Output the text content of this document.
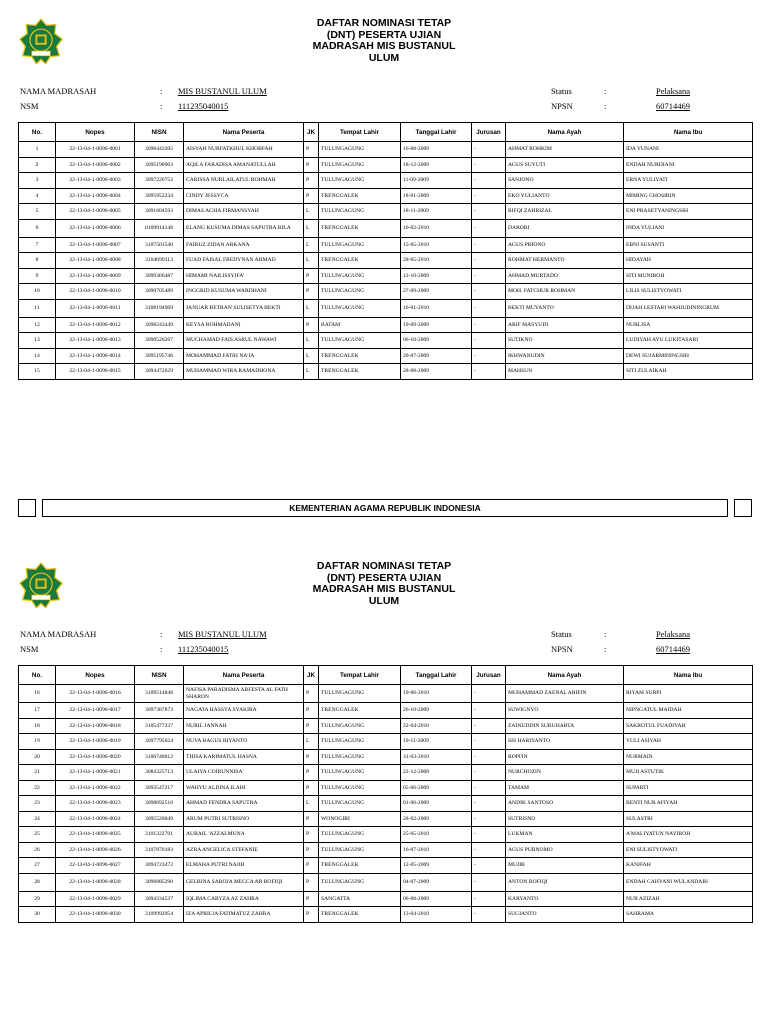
DAFTAR NOMINASI TETAP
(DNT) PESERTA UJIAN
MADRASAH MIS BUSTANUL
ULUM
NAMA MADRASAH	: MIS BUSTANUL ULUM
NSM	: 111235040015
Status	:	Pelaksana
NPSN	:	60714469
No.	Nopes	NISN	Nama Peserta	JK	Tempat Lahir	Tanggal Lahir	Jurusan	Nama Ayah	Nama Ibu
1	22-13-04-1-0096-0001	3098443205	AISYAH NURFATKHUL KHOBFAH	P	TULUNGAGUNG	16-08-2009	-	AHMAT ROHKIM	IDA YUNANI
2	22-13-04-1-0096-0002	3095190903	AQILA FARADISA AMANATULLAH	P	TULUNGAGUNG	18-12-2009	-	AGUS SUYUTI	ENDAH NURDIANI
3	22-13-04-1-0096-0003	3097226752	CARISSA NURLAILATUL ROHMAH	P	TULUNGAGUNG	11-09-2009	-	SANJONO	ERNA YULIYATI
4	22-13-04-1-0096-0004	3095953234	CINDY JESSYCA	P	TRENGGALEK	18-01-2009	-	EKO YULIANTO	MIMING CHOSIRIN
5	22-13-04-1-0096-0005	3091604593	DIMAS AGHA FIRMANSYAH	L	TULUNGAGUNG	18-11-2009	-	RIFQI ZAHRIZAL	ENI PRASETYANINGSIH
6	22-13-04-1-0096-0006	0109914148	ELANG KUSUMA DIMAS SAPUTRA BILA	L	TRENGGALEK	10-02-2010	-	DAROBI	INDA YULIANI
7	22-13-04-1-0096-0007	3107501540	FAIRUZ ZIDAN ARKANA	L	TULUNGAGUNG	15-05-2010	-	AGUS PRIONO	EBNI SUSANTI
8	22-13-04-1-0096-0008	3104699113	FUAD FAISAL FREDYNAN AHMAD	L	TRENGGALEK	28-05-2010	-	ROHMAT HERMANTO	HIDAYAH
9	22-13-04-1-0096-0009	3099366487	HIMAMI NAILISSYIFA'	P	TULUNGAGUNG	12-10-2009	-	AHMAD MURTADO	SITI MUNIROH
10	22-13-04-1-0096-0010	3090705489	INGGRID KUSUMA WARDHANI	P	TULUNGAGUNG	27-09-2009	-	MOH. FATCHUR ROHMAN	LILIS SULISTYOWATI
11	22-13-04-1-0096-0011	3108194969	JANUAR BETRAN SULISETYA BEKTI	L	TULUNGAGUNG	10-01-2010	-	BEKTI MUYANTO	DIJAH LESTARI WAHJUDININGRUM
12	22-13-04-1-0096-0012	3098243449	KEYSA ROHMADANI	P	BATAM	19-09-2009	-	ARIF MASYUDI	NURLISA
13	22-13-04-1-0096-0013	3090526267	MUCHAMAD FAIS ASRUL NAWAWI	L	TULUNGAGUNG	06-10-2009	-	SUTIKNO	LUDIYAH AYU LUKITASARI
14	22-13-04-1-0096-0014	3095195746	MOHAMMAD FATIH NA'IA	L	TRENGGALEK	20-07-2009	-	IKHWANUDIN	DEWI SUJARMININGSIH
15	22-13-04-1-0096-0015	3094472629	MUHAMMAD WIRA RAMADHONA	L	TRENGGALEK	28-08-2009	-	MAHSUN	SITI ZULAIKAH
KEMENTERIAN AGAMA REPUBLIK INDONESIA
DAFTAR NOMINASI TETAP
(DNT) PESERTA UJIAN
MADRASAH MIS BUSTANUL
ULUM
NAMA MADRASAH	: MIS BUSTANUL ULUM
NSM	: 111235040015
Status	:	Pelaksana
NPSN	:	60714469
No.	Nopes	NISN	Nama Peserta	JK	Tempat Lahir	Tanggal Lahir	Jurusan	Nama Ayah	Nama Ibu
16	22-13-04-1-0096-0016	3109514848	NAFISA PARADISMA ARFESTA AL FATH SHARON	P	TULUNGAGUNG	19-06-2010	-	MUHAMMAD ZAENAL ARIFIN	RIYAM SURPI
17	22-13-04-1-0096-0017	3097387873	NAGATA HASSYA SYAKIRA	P	TRENGGALEK	26-10-2009	-	SUWIGNYO	NIPNGATUL MAIDAH
18	22-13-04-1-0096-0018	3105477237	NURIL JANNAH	P	TULUNGAGUNG	22-04-2010	-	ZAINUDDIN SUBUHARTA	SAKROTUL FUADIYAH
19	22-13-04-1-0096-0019	3097795624	NUVA BAGUS RIYANTO	L	TULUNGAGUNG	19-11-2009	-	SIS HARIYANTO	YULI ASIYAH
20	22-13-04-1-0096-0020	3106740612	THISA KARIMATUL HASNA	P	TULUNGAGUNG	31-03-2010	-	ROPI'IN	NURMAIN
21	22-13-04-1-0096-0021	3084325713	ULAIYA COIRUNNISA'	P	TULUNGAGUNG	22-12-2008	-	NURCHOZIN	MUJI ASTUTIK
22	22-13-04-1-0096-0022	3093547217	WAHYU ALDINA ILAHI	P	TULUNGAGUNG	05-06-2009	-	TAMAM	SUPARTI
23	22-13-04-1-0096-0023	3098692516	AHMAD FENDRA SAPUTRA	L	TULUNGAGUNG	01-06-2009	-	ANDIK SANTOSO	BENTI NUR AFIYAH
24	22-13-04-1-0096-0024	3095520049	ARUM PUTRI SUTRISNO	P	WONOGIRI	28-02-2009	-	SUTRISNO	SULASTRI
25	22-13-04-1-0096-0025	3101322701	AURAIL 'AZZALMUNA	P	TULUNGAGUNG	25-05-2010	-	LUKMAN	A'MALIYATUN NAYIROH
26	22-13-04-1-0096-0026	3107870183	AZRA ANGELICA STEFANIE	P	TULUNGAGUNG	16-07-2010	-	AGUS PURNOMO	ENI SULISTYOWATI
27	22-13-04-1-0096-0027	3094723472	ELMAHA PUTRI NAJIB	P	TRENGGALEK	12-05-2009	-	MUJIB	KANIFAH
28	22-13-04-1-0096-0028	3096885290	GELBINA SAROJA MECCA AR ROFIQI	P	TULUNGAGUNG	04-07-2009	-	ANTON ROFIQI	ENDAH CAHYANI WULANDARI
29	22-13-04-1-0096-0029	3094334537	IQLIMA CARYZA AZ ZAHRA	P	SANGATTA	06-08-2009	-	KARYANTO	NUR AZIZAH
30	22-13-04-1-0096-0030	3109992954	IZA APRILIA FATIMATUZ ZAHRA	P	TRENGGALEK	13-04-2010	-	SUGIANTO	SAHRAMA
